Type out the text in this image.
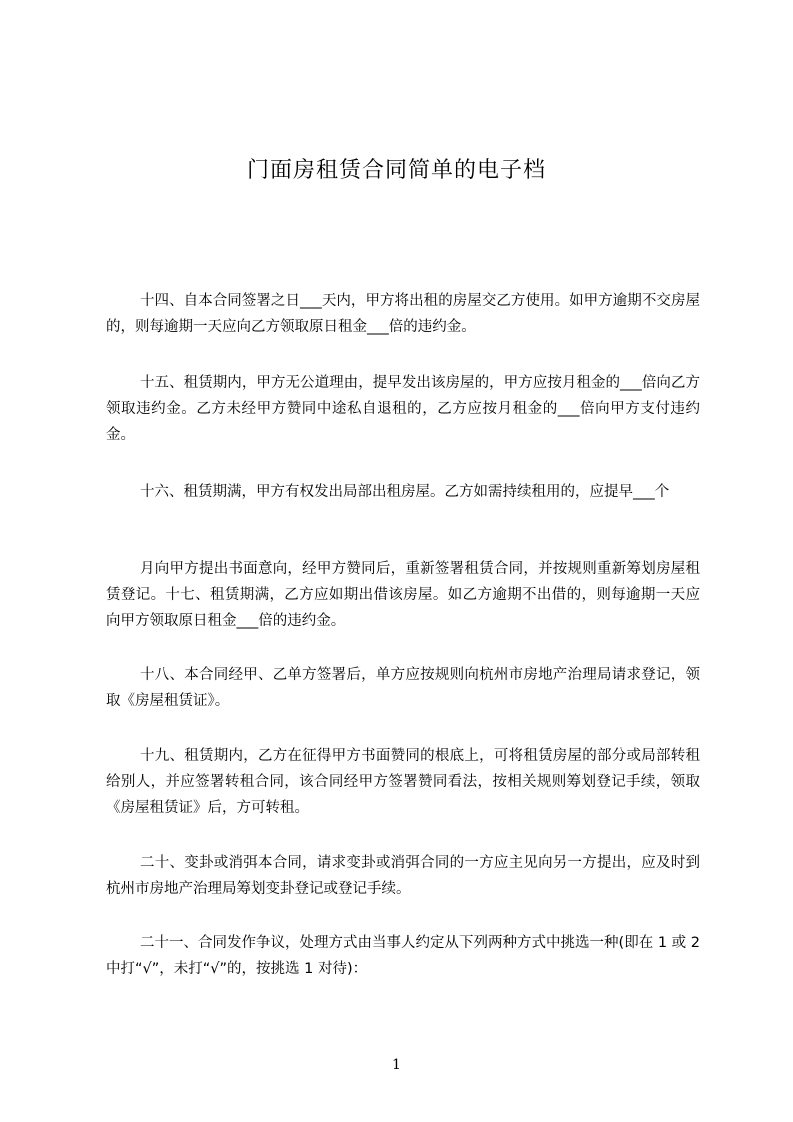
门面房租赁合同简单的电子档

十四、自本合同签署之日___天内，甲方将出租的房屋交乙方使用。如甲方逾期不交房屋的，则每逾期一天应向乙方领取原日租金___倍的违约金。

十五、租赁期内，甲方无公道理由，提早发出该房屋的，甲方应按月租金的___倍向乙方领取违约金。乙方未经甲方赞同中途私自退租的，乙方应按月租金的___倍向甲方支付违约金。

十六、租赁期满，甲方有权发出局部出租房屋。乙方如需持续租用的，应提早___个

月向甲方提出书面意向，经甲方赞同后，重新签署租赁合同，并按规则重新筹划房屋租赁登记。十七、租赁期满，乙方应如期出借该房屋。如乙方逾期不出借的，则每逾期一天应向甲方领取原日租金___倍的违约金。

十八、本合同经甲、乙单方签署后，单方应按规则向杭州市房地产治理局请求登记，领取《房屋租赁证》。

十九、租赁期内，乙方在征得甲方书面赞同的根底上，可将租赁房屋的部分或局部转租给别人，并应签署转租合同，该合同经甲方签署赞同看法，按相关规则筹划登记手续，领取《房屋租赁证》后，方可转租。

二十、变卦或消弭本合同，请求变卦或消弭合同的一方应主见向另一方提出，应及时到杭州市房地产治理局筹划变卦登记或登记手续。

二十一、合同发作争议，处理方式由当事人约定从下列两种方式中挑选一种(即在 1 或 2 中打“√”，未打“√”的，按挑选 1 对待)：

1
